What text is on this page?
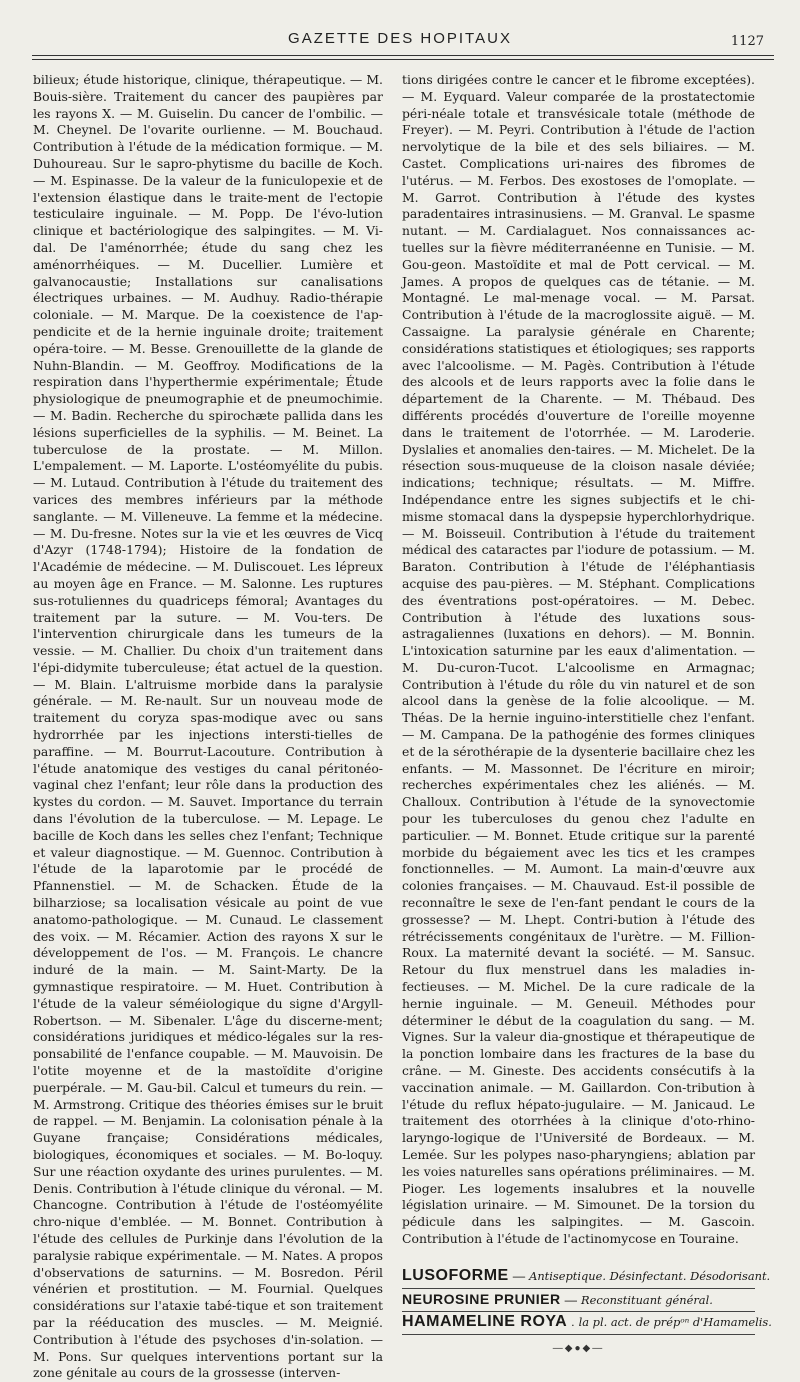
GAZETTE DES HOPITAUX	1127

bilieux; étude historique, clinique, thérapeutique. — M. Bouis-sière. Traitement du cancer des paupières par les rayons X. — M. Guiselin. Du cancer de l'ombilic. — M. Cheynel. De l'ovarite ourlienne. — M. Bouchaud. Contribution à l'étude de la médication formique. — M. Duhoureau. Sur le sapro-phytisme du bacille de Koch. — M. Espinasse. De la valeur de la funiculopexie et de l'extension élastique dans le traite-ment de l'ectopie testiculaire inguinale. — M. Popp. De l'évo-lution clinique et bactériologique des salpingites. — M. Vi-dal. De l'aménorrhée; étude du sang chez les aménorrhéiques. — M. Ducellier. Lumière et galvanocaustie; Installations sur canalisations électriques urbaines. — M. Audhuy. Radio-thérapie coloniale. — M. Marque. De la coexistence de l'ap-pendicite et de la hernie inguinale droite; traitement opéra-toire. — M. Besse. Grenouillette de la glande de Nuhn-Blandin. — M. Geoffroy. Modifications de la respiration dans l'hyperthermie expérimentale; Étude physiologique de pneumographie et de pneumochimie. — M. Badin. Recherche du spirochæte pallida dans les lésions superficielles de la syphilis. — M. Beinet. La tuberculose de la prostate. — M. Millon. L'empalement. — M. Laporte. L'ostéomyélite du pubis. — M. Lutaud. Contribution à l'étude du traitement des varices des membres inférieurs par la méthode sanglante. — M. Villeneuve. La femme et la médecine. — M. Du-fresne. Notes sur la vie et les œuvres de Vicq d'Azyr (1748-1794); Histoire de la fondation de l'Académie de médecine. — M. Duliscouet. Les lépreux au moyen âge en France. — M. Salonne. Les ruptures sus-rotuliennes du quadriceps fémoral; Avantages du traitement par la suture. — M. Vou-ters. De l'intervention chirurgicale dans les tumeurs de la vessie. — M. Challier. Du choix d'un traitement dans l'épi-didymite tuberculeuse; état actuel de la question. — M. Blain. L'altruisme morbide dans la paralysie générale. — M. Re-nault. Sur un nouveau mode de traitement du coryza spas-modique avec ou sans hydrorrhée par les injections intersti-tielles de paraffine. — M. Bourrut-Lacouture. Contribution à l'étude anatomique des vestiges du canal péritonéo-vaginal chez l'enfant; leur rôle dans la production des kystes du cordon. — M. Sauvet. Importance du terrain dans l'évolution de la tuberculose. — M. Lepage. Le bacille de Koch dans les selles chez l'enfant; Technique et valeur diagnostique. — M. Guennoc. Contribution à l'étude de la laparotomie par le procédé de Pfannenstiel. — M. de Schacken. Étude de la bilharziose; sa localisation vésicale au point de vue anatomo-pathologique. — M. Cunaud. Le classement des voix. — M. Récamier. Action des rayons X sur le développement de l'os. — M. François. Le chancre induré de la main. — M. Saint-Marty. De la gymnastique respiratoire. — M. Huet. Contribution à l'étude de la valeur séméiologique du signe d'Argyll-Robertson. — M. Sibenaler. L'âge du discerne-ment; considérations juridiques et médico-légales sur la res-ponsabilité de l'enfance coupable. — M. Mauvoisin. De l'otite moyenne et de la mastoïdite d'origine puerpérale. — M. Gau-bil. Calcul et tumeurs du rein. — M. Armstrong. Critique des théories émises sur le bruit de rappel. — M. Benjamin. La colonisation pénale à la Guyane française; Considérations médicales, biologiques, économiques et sociales. — M. Bo-loquy. Sur une réaction oxydante des urines purulentes. — M. Denis. Contribution à l'étude clinique du véronal. — M. Chancogne. Contribution à l'étude de l'ostéomyélite chro-nique d'emblée. — M. Bonnet. Contribution à l'étude des cellules de Purkinje dans l'évolution de la paralysie rabique expérimentale. — M. Nates. A propos d'observations de saturnins. — M. Bosredon. Péril vénérien et prostitution. — M. Fournial. Quelques considérations sur l'ataxie tabé-tique et son traitement par la rééducation des muscles. — M. Meignié. Contribution à l'étude des psychoses d'in-solation. — M. Pons. Sur quelques interventions portant sur la zone génitale au cours de la grossesse (interven-

tions dirigées contre le cancer et le fibrome exceptées). — M. Eyquard. Valeur comparée de la prostatectomie péri-néale totale et transvésicale totale (méthode de Freyer). — M. Peyri. Contribution à l'étude de l'action nervolytique de la bile et des sels biliaires. — M. Castet. Complications uri-naires des fibromes de l'utérus. — M. Ferbos. Des exostoses de l'omoplate. — M. Garrot. Contribution à l'étude des kystes paradentaires intrasinusiens. — M. Granval. Le spasme nutant. — M. Cardialaguet. Nos connaissances ac-tuelles sur la fièvre méditerranéenne en Tunisie. — M. Gou-geon. Mastoïdite et mal de Pott cervical. — M. James. A propos de quelques cas de tétanie. — M. Montagné. Le mal-menage vocal. — M. Parsat. Contribution à l'étude de la macroglossite aiguë. — M. Cassaigne. La paralysie générale en Charente; considérations statistiques et étiologiques; ses rapports avec l'alcoolisme. — M. Pagès. Contribution à l'étude des alcools et de leurs rapports avec la folie dans le département de la Charente. — M. Thébaud. Des différents procédés d'ouverture de l'oreille moyenne dans le traitement de l'otorrhée. — M. Laroderie. Dyslalies et anomalies den-taires. — M. Michelet. De la résection sous-muqueuse de la cloison nasale déviée; indications; technique; résultats. — M. Miffre. Indépendance entre les signes subjectifs et le chi-misme stomacal dans la dyspepsie hyperchlorhydrique. — M. Boisseuil. Contribution à l'étude du traitement médical des cataractes par l'iodure de potassium. — M. Baraton. Contribution à l'étude de l'éléphantiasis acquise des pau-pières. — M. Stéphant. Complications des éventrations post-opératoires. — M. Debec. Contribution à l'étude des luxations sous-astragaliennes (luxations en dehors). — M. Bonnin. L'intoxication saturnine par les eaux d'alimentation. — M. Du-curon-Tucot. L'alcoolisme en Armagnac; Contribution à l'étude du rôle du vin naturel et de son alcool dans la genèse de la folie alcoolique. — M. Théas. De la hernie inguino-interstitielle chez l'enfant. — M. Campana. De la pathogénie des formes cliniques et de la sérothérapie de la dysenterie bacillaire chez les enfants. — M. Massonnet. De l'écriture en miroir; recherches expérimentales chez les aliénés. — M. Challoux. Contribution à l'étude de la synovectomie pour les tuberculoses du genou chez l'adulte en particulier. — M. Bonnet. Etude critique sur la parenté morbide du bégaiement avec les tics et les crampes fonctionnelles. — M. Aumont. La main-d'œuvre aux colonies françaises. — M. Chauvaud. Est-il possible de reconnaître le sexe de l'en-fant pendant le cours de la grossesse? — M. Lhept. Contri-bution à l'étude des rétrécissements congénitaux de l'urètre. — M. Fillion-Roux. La maternité devant la société. — M. Sansuc. Retour du flux menstruel dans les maladies in-fectieuses. — M. Michel. De la cure radicale de la hernie inguinale. — M. Geneuil. Méthodes pour déterminer le début de la coagulation du sang. — M. Vignes. Sur la valeur dia-gnostique et thérapeutique de la ponction lombaire dans les fractures de la base du crâne. — M. Gineste. Des accidents consécutifs à la vaccination animale. — M. Gaillardon. Con-tribution à l'étude du reflux hépato-jugulaire. — M. Janicaud. Le traitement des otorrhées à la clinique d'oto-rhino-laryngo-logique de l'Université de Bordeaux. — M. Lemée. Sur les polypes naso-pharyngiens; ablation par les voies naturelles sans opérations préliminaires. — M. Pioger. Les logements insalubres et la nouvelle législation urinaire. — M. Simounet. De la torsion du pédicule dans les salpingites. — M. Gascoin. Contribution à l'étude de l'actinomycose en Touraine.

LUSOFORME — Antiseptique. Désinfectant. Désodorisant.
NEUROSINE PRUNIER — Reconstituant général.
HAMAMELINE ROYA . la pl. act. de prépᵒⁿ d'Hamamelis.
—◆●◆—
